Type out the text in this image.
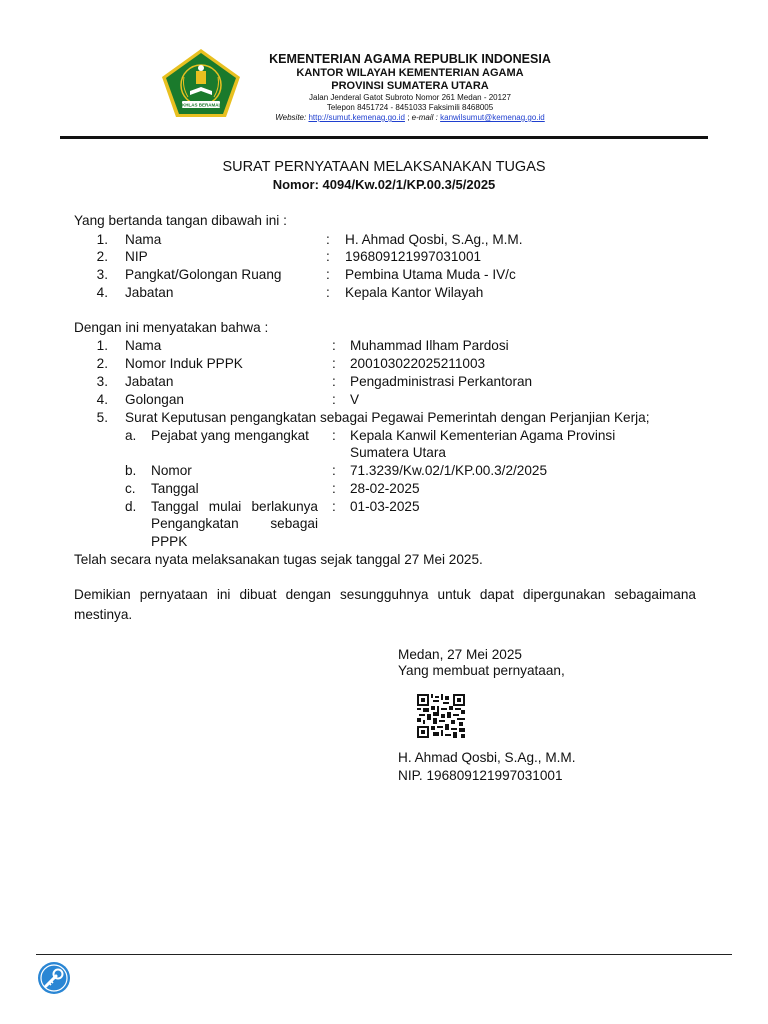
IKHLAS BERAMAL
KEMENTERIAN AGAMA REPUBLIK INDONESIA
KANTOR WILAYAH KEMENTERIAN AGAMA
PROVINSI SUMATERA UTARA
Jalan Jenderal Gatot Subroto Nomor 261 Medan - 20127
Telepon 8451724 - 8451033 Faksimili 8468005
Website: http://sumut.kemenag.go.id ; e-mail : kanwilsumut@kemenag.go.id
SURAT PERNYATAAN MELAKSANAKAN TUGAS
Nomor: 4094/Kw.02/1/KP.00.3/5/2025
Yang bertanda tangan dibawah ini :
1. Nama	: H. Ahmad Qosbi, S.Ag., M.M.
2. NIP	: 196809121997031001
3. Pangkat/Golongan Ruang	: Pembina Utama Muda - IV/c
4. Jabatan	: Kepala Kantor Wilayah
Dengan ini menyatakan bahwa :
1. Nama	: Muhammad Ilham Pardosi
2. Nomor Induk PPPK	: 200103022025211003
3. Jabatan	: Pengadministrasi Perkantoran
4. Golongan	: V
5. Surat Keputusan pengangkatan sebagai Pegawai Pemerintah dengan Perjanjian Kerja;
a. Pejabat yang mengangkat : Kepala Kanwil Kementerian Agama Provinsi
Sumatera Utara
b. Nomor	: 71.3239/Kw.02/1/KP.00.3/2/2025
c. Tanggal	: 28-02-2025
d. Tanggal mulai berlakunya
Pengangkatan sebagai
PPPK
: 01-03-2025
Telah secara nyata melaksanakan tugas sejak tanggal 27 Mei 2025.
Demikian pernyataan ini dibuat dengan sesungguhnya untuk dapat dipergunakan sebagaimana mestinya.
Medan, 27 Mei 2025
Yang membuat pernyataan,
H. Ahmad Qosbi, S.Ag., M.M.
NIP. 196809121997031001
